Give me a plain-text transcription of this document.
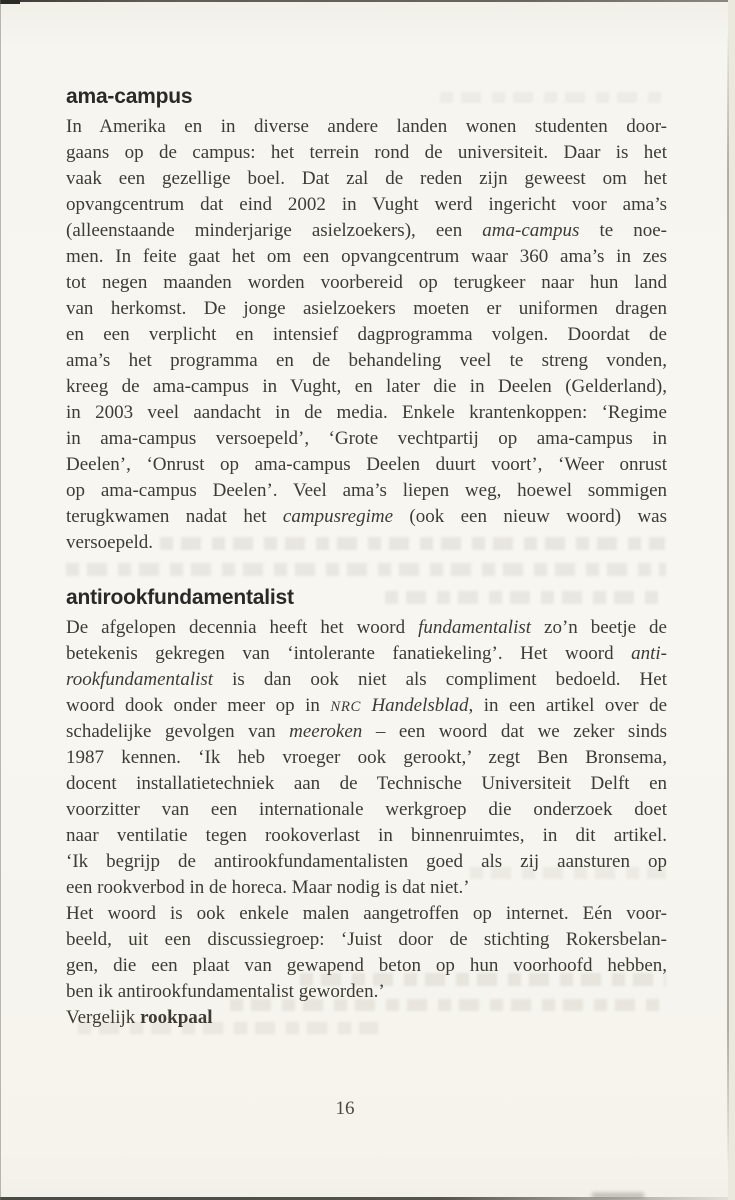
ama-campus
In Amerika en in diverse andere landen wonen studenten door-
gaans op de campus: het terrein rond de universiteit. Daar is het
vaak een gezellige boel. Dat zal de reden zijn geweest om het
opvangcentrum dat eind 2002 in Vught werd ingericht voor ama’s
(alleenstaande minderjarige asielzoekers), een ama-campus te noe-
men. In feite gaat het om een opvangcentrum waar 360 ama’s in zes
tot negen maanden worden voorbereid op terugkeer naar hun land
van herkomst. De jonge asielzoekers moeten er uniformen dragen
en een verplicht en intensief dagprogramma volgen. Doordat de
ama’s het programma en de behandeling veel te streng vonden,
kreeg de ama-campus in Vught, en later die in Deelen (Gelderland),
in 2003 veel aandacht in de media. Enkele krantenkoppen: ‘Regime
in ama-campus versoepeld’, ‘Grote vechtpartij op ama-campus in
Deelen’, ‘Onrust op ama-campus Deelen duurt voort’, ‘Weer onrust
op ama-campus Deelen’. Veel ama’s liepen weg, hoewel sommigen
terugkwamen nadat het campusregime (ook een nieuw woord) was
versoepeld.
antirookfundamentalist
De afgelopen decennia heeft het woord fundamentalist zo’n beetje de
betekenis gekregen van ‘intolerante fanatiekeling’. Het woord anti-
rookfundamentalist is dan ook niet als compliment bedoeld. Het
woord dook onder meer op in NRC Handelsblad, in een artikel over de
schadelijke gevolgen van meeroken – een woord dat we zeker sinds
1987 kennen. ‘Ik heb vroeger ook gerookt,’ zegt Ben Bronsema,
docent installatietechniek aan de Technische Universiteit Delft en
voorzitter van een internationale werkgroep die onderzoek doet
naar ventilatie tegen rookoverlast in binnenruimtes, in dit artikel.
‘Ik begrijp de antirookfundamentalisten goed als zij aansturen op
een rookverbod in de horeca. Maar nodig is dat niet.’
Het woord is ook enkele malen aangetroffen op internet. Eén voor-
beeld, uit een discussiegroep: ‘Juist door de stichting Rokersbelan-
gen, die een plaat van gewapend beton op hun voorhoofd hebben,
ben ik antirookfundamentalist geworden.’
Vergelijk rookpaal
16
